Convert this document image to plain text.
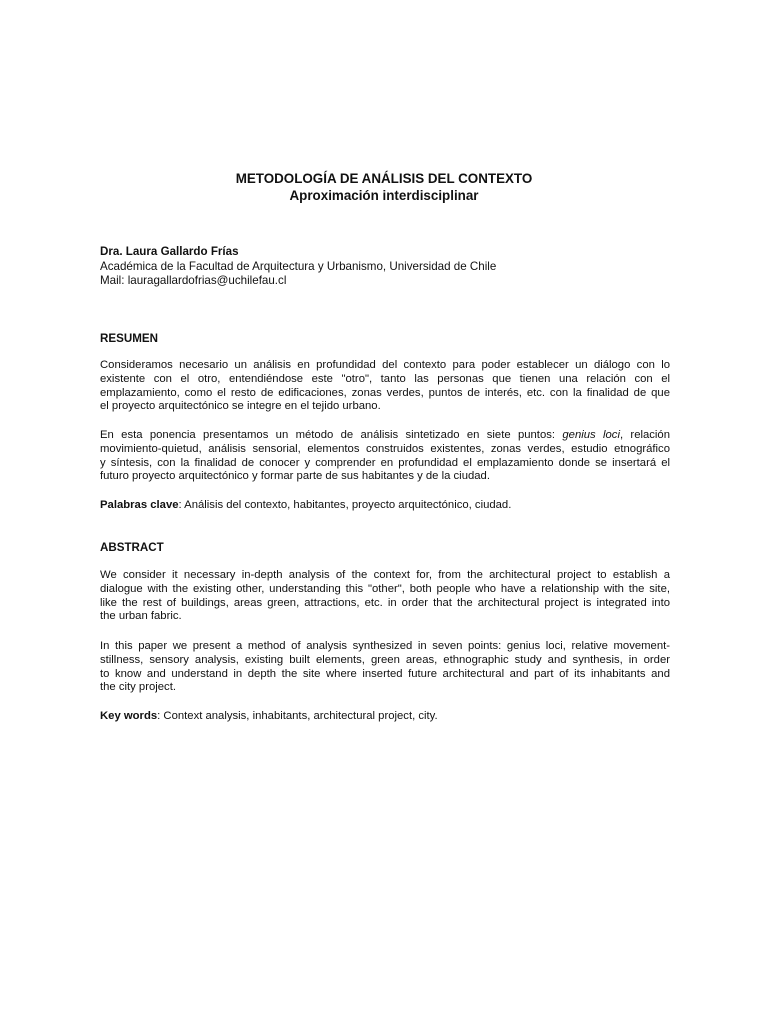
METODOLOGÍA DE ANÁLISIS DEL CONTEXTO
Aproximación interdisciplinar
Dra. Laura Gallardo Frías
Académica de la Facultad de Arquitectura y Urbanismo, Universidad de Chile
Mail: lauragallardofrias@uchilefau.cl
RESUMEN

Consideramos necesario un análisis en profundidad del contexto para poder establecer un diálogo con lo
existente con el otro, entendiéndose este "otro", tanto las personas que tienen una relación con el
emplazamiento, como el resto de edificaciones, zonas verdes, puntos de interés, etc. con la finalidad de que
el proyecto arquitectónico se integre en el tejido urbano.

En esta ponencia presentamos un método de análisis sintetizado en siete puntos: genius loci, relación
movimiento-quietud, análisis sensorial, elementos construidos existentes, zonas verdes, estudio etnográfico
y síntesis, con la finalidad de conocer y comprender en profundidad el emplazamiento donde se insertará el
futuro proyecto arquitectónico y formar parte de sus habitantes y de la ciudad.

Palabras clave: Análisis del contexto, habitantes, proyecto arquitectónico, ciudad.

ABSTRACT

We consider it necessary in-depth analysis of the context for, from the architectural project to establish a
dialogue with the existing other, understanding this "other", both people who have a relationship with the site,
like the rest of buildings, areas green, attractions, etc. in order that the architectural project is integrated into
the urban fabric.

In this paper we present a method of analysis synthesized in seven points: genius loci, relative movement-
stillness, sensory analysis, existing built elements, green areas, ethnographic study and synthesis, in order
to know and understand in depth the site where inserted future architectural and part of its inhabitants and
the city project.

Key words: Context analysis, inhabitants, architectural project, city.
